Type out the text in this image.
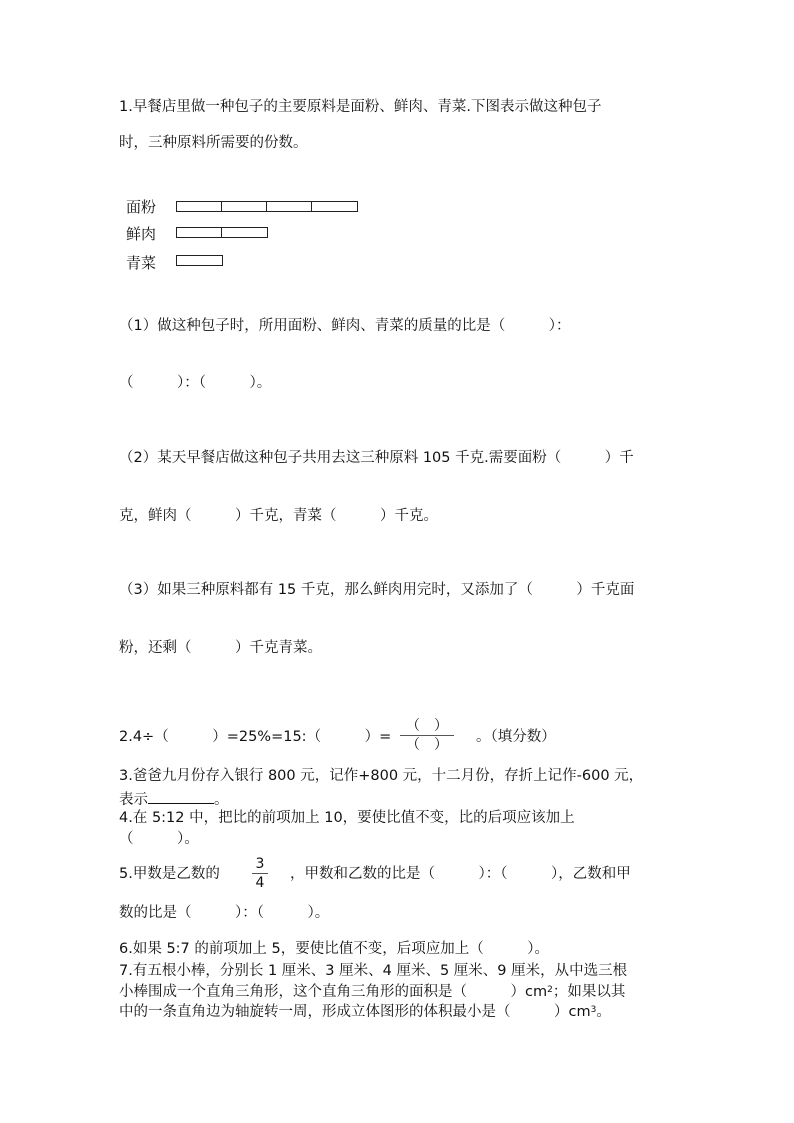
1.早餐店里做一种包子的主要原料是面粉、鲜肉、青菜.下图表示做这种包子
时，三种原料所需要的份数。
面粉
鲜肉
青菜
（1）做这种包子时，所用面粉、鲜肉、青菜的质量的比是（　　　）：
（　　　）：（　　　）。
（2）某天早餐店做这种包子共用去这三种原料 105 千克.需要面粉（　　　）千
克，鲜肉（　　　）千克，青菜（　　　）千克。
（3）如果三种原料都有 15 千克，那么鲜肉用完时，又添加了（　　　）千克面
粉，还剩（　　　）千克青菜。
2.4÷（　　　）=25%=15:（　　　）=
（　）
（　）	。（填分数）
3.爸爸九月份存入银行 800 元，记作+800 元，十二月份，存折上记作-600 元，
表示	。
4.在 5:12 中，把比的前项加上 10，要使比值不变，比的后项应该加上
（　　　）。
5.甲数是乙数的
3
4
，甲数和乙数的比是（　　　）：（　　　），乙数和甲
数的比是（　　　）：（　　　）。
6.如果 5:7 的前项加上 5，要使比值不变，后项应加上（　　　）。
7.有五根小棒，分别长 1 厘米、3 厘米、4 厘米、5 厘米、9 厘米，从中选三根
小棒围成一个直角三角形，这个直角三角形的面积是（　　　）$cm^2$；如果以其
中的一条直角边为轴旋转一周，形成立体图形的体积最小是（　　　）$cm^3$。
